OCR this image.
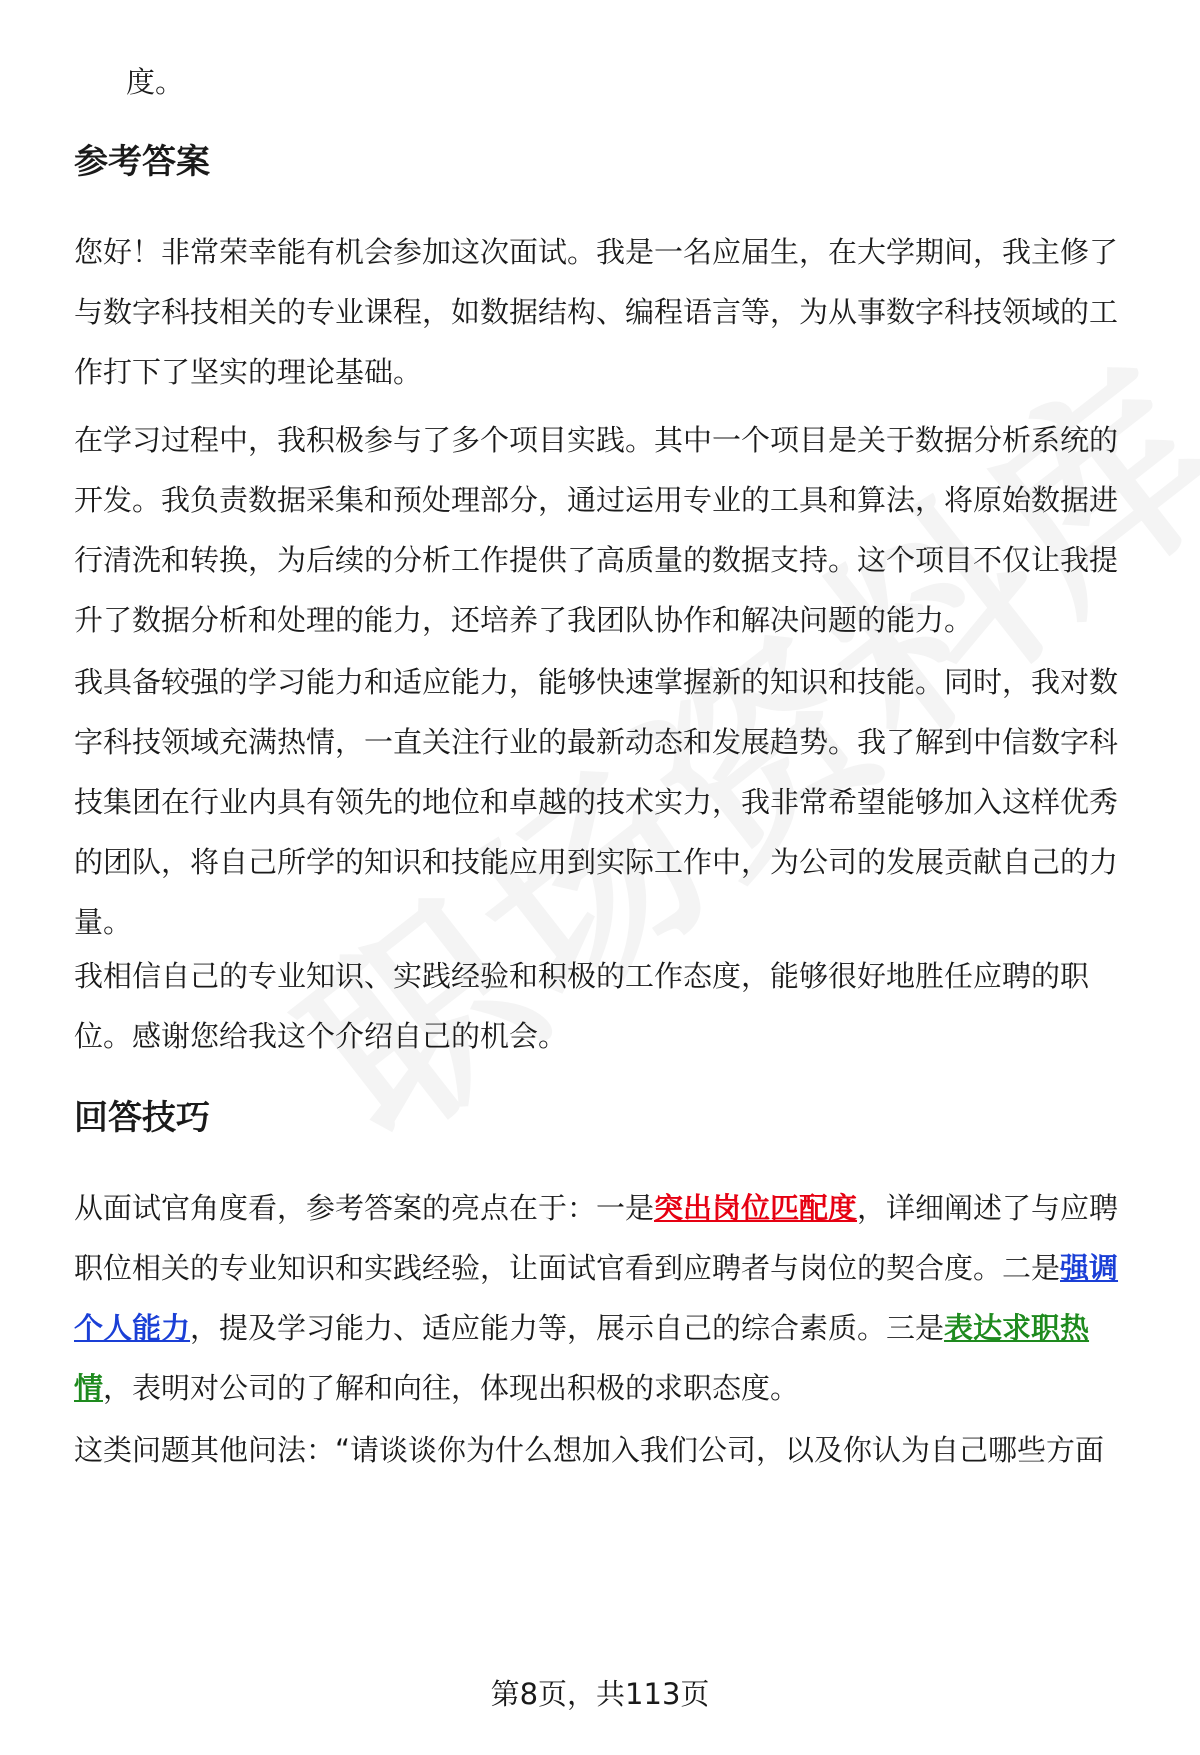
度。

参考答案

您好！非常荣幸能有机会参加这次面试。我是一名应届生，在大学期间，我主修了

与数字科技相关的专业课程，如数据结构、编程语言等，为从事数字科技领域的工

作打下了坚实的理论基础。

在学习过程中，我积极参与了多个项目实践。其中一个项目是关于数据分析系统的

开发。我负责数据采集和预处理部分，通过运用专业的工具和算法，将原始数据进

行清洗和转换，为后续的分析工作提供了高质量的数据支持。这个项目不仅让我提

升了数据分析和处理的能力，还培养了我团队协作和解决问题的能力。

我具备较强的学习能力和适应能力，能够快速掌握新的知识和技能。同时，我对数

字科技领域充满热情，一直关注行业的最新动态和发展趋势。我了解到中信数字科

技集团在行业内具有领先的地位和卓越的技术实力，我非常希望能够加入这样优秀

的团队，将自己所学的知识和技能应用到实际工作中，为公司的发展贡献自己的力

量。

我相信自己的专业知识、实践经验和积极的工作态度，能够很好地胜任应聘的职

位。感谢您给我这个介绍自己的机会。

回答技巧

从面试官角度看，参考答案的亮点在于：一是突出岗位匹配度，详细阐述了与应聘

职位相关的专业知识和实践经验，让面试官看到应聘者与岗位的契合度。二是强调

个人能力，提及学习能力、适应能力等，展示自己的综合素质。三是表达求职热

情，表明对公司的了解和向往，体现出积极的求职态度。

这类问题其他问法：“请谈谈你为什么想加入我们公司，以及你认为自己哪些方面

第8页，共113页
